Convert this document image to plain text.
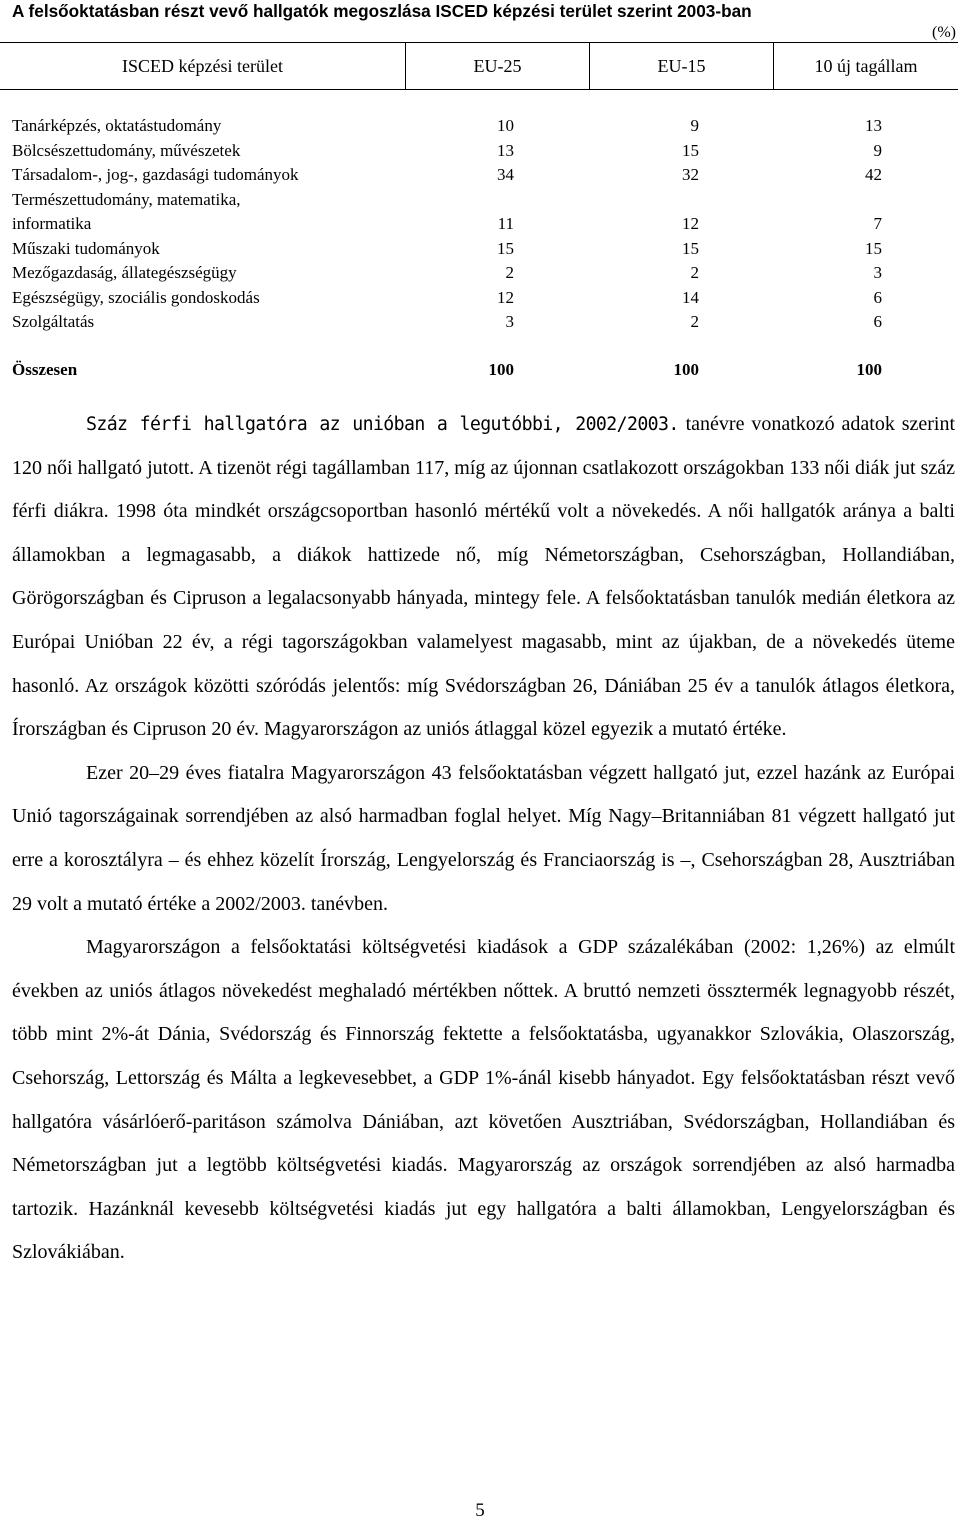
A felsőoktatásban részt vevő hallgatók megoszlása ISCED képzési terület szerint 2003-ban
(%)
ISCED képzési terület	EU-25	EU-15	10 új tagállam
Tanárképzés, oktatástudomány	10	9	13
Bölcsészettudomány, művészetek	13	15	9
Társadalom-, jog-, gazdasági tudományok	34	32	42
Természettudomány, matematika,
informatika	11	12	7
Műszaki tudományok	15	15	15
Mezőgazdaság, állategészségügy	2	2	3
Egészségügy, szociális gondoskodás	12	14	6
Szolgáltatás	3	2	6
Összesen	100	100	100

Száz férfi hallgatóra az unióban a legutóbbi, 2002/2003. tanévre vonatkozó adatok szerint 120 női hallgató jutott. A tizenöt régi tagállamban 117, míg az újonnan csatlakozott országokban 133 női diák jut száz férfi diákra. 1998 óta mindkét országcsoportban hasonló mértékű volt a növekedés. A női hallgatók aránya a balti államokban a legmagasabb, a diákok hattizede nő, míg Németországban, Csehországban, Hollandiában, Görögországban és Cipruson a legalacsonyabb hányada, mintegy fele. A felsőoktatásban tanulók medián életkora az Európai Unióban 22 év, a régi tagországokban valamelyest magasabb, mint az újakban, de a növekedés üteme hasonló. Az országok közötti szóródás jelentős: míg Svédországban 26, Dániában 25 év a tanulók átlagos életkora, Írországban és Cipruson 20 év. Magyarországon az uniós átlaggal közel egyezik a mutató értéke.

Ezer 20–29 éves fiatalra Magyarországon 43 felsőoktatásban végzett hallgató jut, ezzel hazánk az Európai Unió tagországainak sorrendjében az alsó harmadban foglal helyet. Míg Nagy–Britanniában 81 végzett hallgató jut erre a korosztályra – és ehhez közelít Írország, Lengyelország és Franciaország is –, Csehországban 28, Ausztriában 29 volt a mutató értéke a 2002/2003. tanévben.

Magyarországon a felsőoktatási költségvetési kiadások a GDP százalékában (2002: 1,26%) az elmúlt években az uniós átlagos növekedést meghaladó mértékben nőttek. A bruttó nemzeti össztermék legnagyobb részét, több mint 2%-át Dánia, Svédország és Finnország fektette a felsőoktatásba, ugyanakkor Szlovákia, Olaszország, Csehország, Lettország és Málta a legkevesebbet, a GDP 1%-ánál kisebb hányadot. Egy felsőoktatásban részt vevő hallgatóra vásárlóerő-paritáson számolva Dániában, azt követően Ausztriában, Svédországban, Hollandiában és Németországban jut a legtöbb költségvetési kiadás. Magyarország az országok sorrendjében az alsó harmadba tartozik. Hazánknál kevesebb költségvetési kiadás jut egy hallgatóra a balti államokban, Lengyelországban és Szlovákiában.

5
